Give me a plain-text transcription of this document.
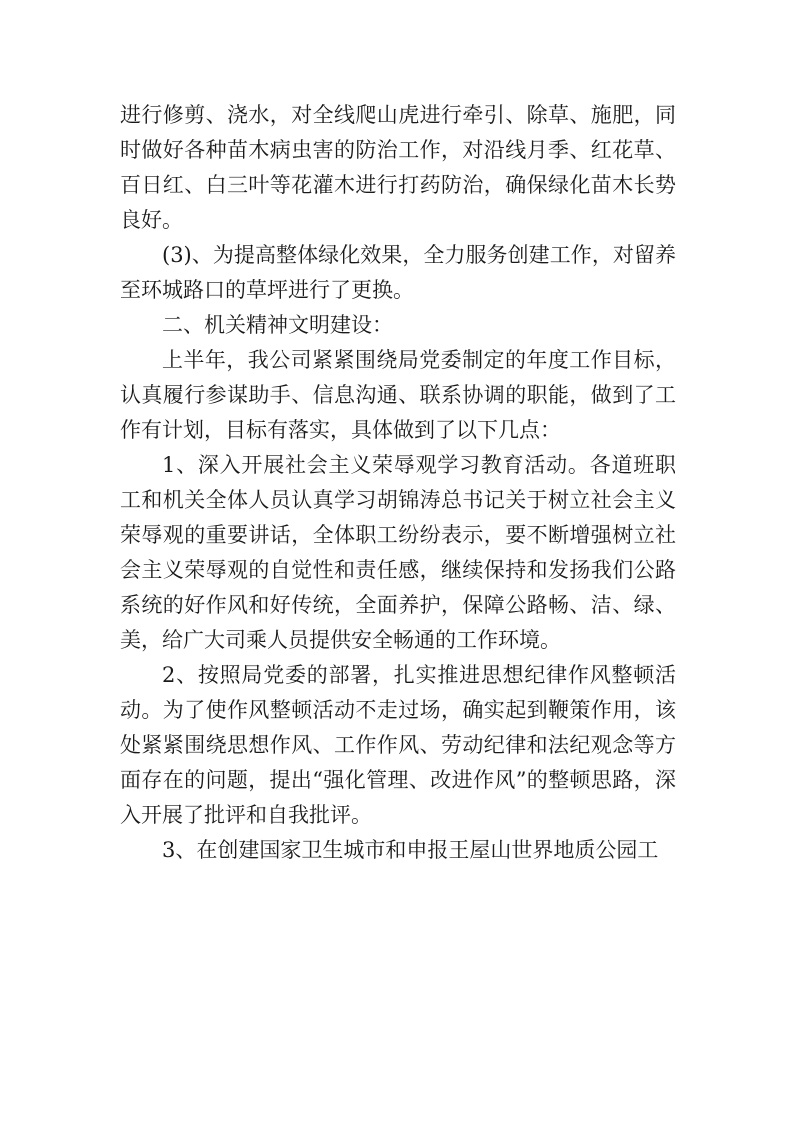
进行修剪、浇水，对全线爬山虎进行牵引、除草、施肥，同时做好各种苗木病虫害的防治工作，对沿线月季、红花草、百日红、白三叶等花灌木进行打药防治，确保绿化苗木长势良好。

(3)、为提高整体绿化效果，全力服务创建工作，对留养至环城路口的草坪进行了更换。

二、机关精神文明建设：

上半年，我公司紧紧围绕局党委制定的年度工作目标，认真履行参谋助手、信息沟通、联系协调的职能，做到了工作有计划，目标有落实，具体做到了以下几点：

1、深入开展社会主义荣辱观学习教育活动。各道班职工和机关全体人员认真学习胡锦涛总书记关于树立社会主义荣辱观的重要讲话，全体职工纷纷表示，要不断增强树立社会主义荣辱观的自觉性和责任感，继续保持和发扬我们公路系统的好作风和好传统，全面养护，保障公路畅、洁、绿、美，给广大司乘人员提供安全畅通的工作环境。

2、按照局党委的部署，扎实推进思想纪律作风整顿活动。为了使作风整顿活动不走过场，确实起到鞭策作用，该处紧紧围绕思想作风、工作作风、劳动纪律和法纪观念等方面存在的问题，提出“强化管理、改进作风”的整顿思路，深入开展了批评和自我批评。

3、在创建国家卫生城市和申报王屋山世界地质公园工
